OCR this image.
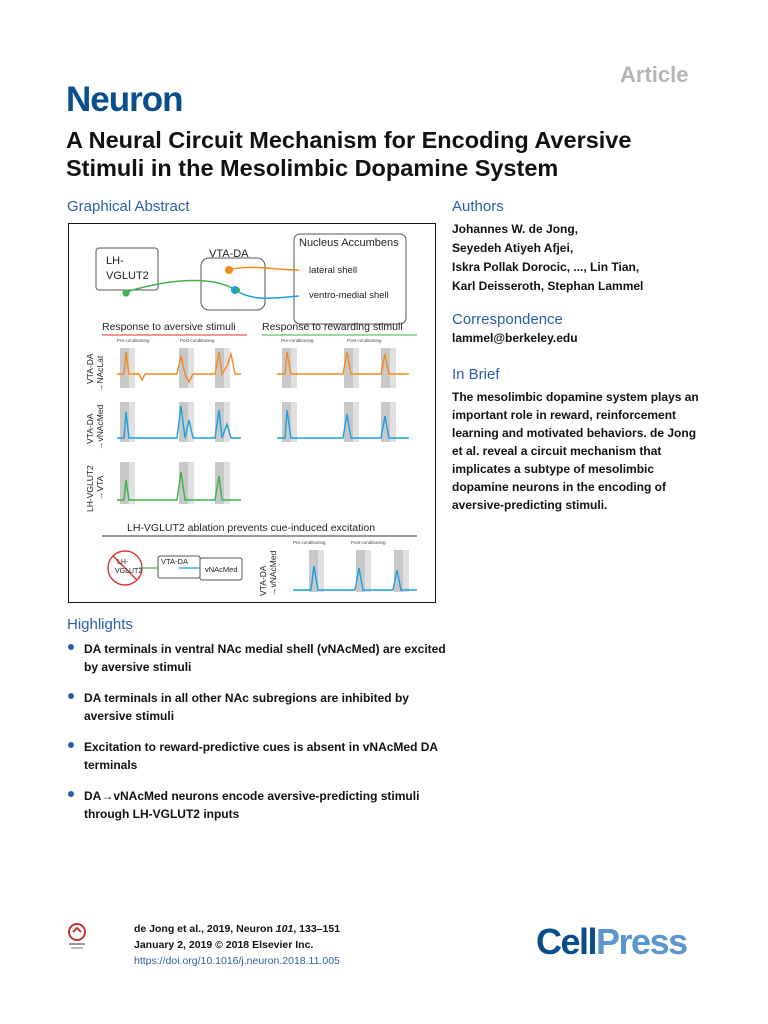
Article
Neuron
A Neural Circuit Mechanism for Encoding Aversive Stimuli in the Mesolimbic Dopamine System
Graphical Abstract
LH-
VGLUT2
VTA-DA
Nucleus Accumbens
lateral shell
ventro-medial shell
Response to aversive stimuli	Response to rewarding stimuli
Pre-conditioning	Post-conditioning	Pre-conditioning	Post-conditioning
VTA-DA →NAcLat
VTA-DA →vNAcMed
LH-VGLUT2 →VTA
LH-VGLUT2 ablation prevents cue-induced excitation
LH-
VGLUT2
VTA-DA
vNAcMed VTA-DA →vNAcMed
Pre-conditioning	Post-conditioning
Authors
Johannes W. de Jong,
Seyedeh Atiyeh Afjei,
Iskra Pollak Dorocic, ..., Lin Tian,
Karl Deisseroth, Stephan Lammel
Correspondence
lammel@berkeley.edu
In Brief
The mesolimbic dopamine system plays an important role in reward, reinforcement learning and motivated behaviors. de Jong et al. reveal a circuit mechanism that implicates a subtype of mesolimbic dopamine neurons in the encoding of aversive-predicting stimuli.
Highlights
DA terminals in ventral NAc medial shell (vNAcMed) are excited by aversive stimuli
DA terminals in all other NAc subregions are inhibited by aversive stimuli
Excitation to reward-predictive cues is absent in vNAcMed DA terminals
DA→vNAcMed neurons encode aversive-predicting stimuli through LH-VGLUT2 inputs
de Jong et al., 2019, Neuron 101, 133–151
January 2, 2019 © 2018 Elsevier Inc.
https://doi.org/10.1016/j.neuron.2018.11.005	CellPress
